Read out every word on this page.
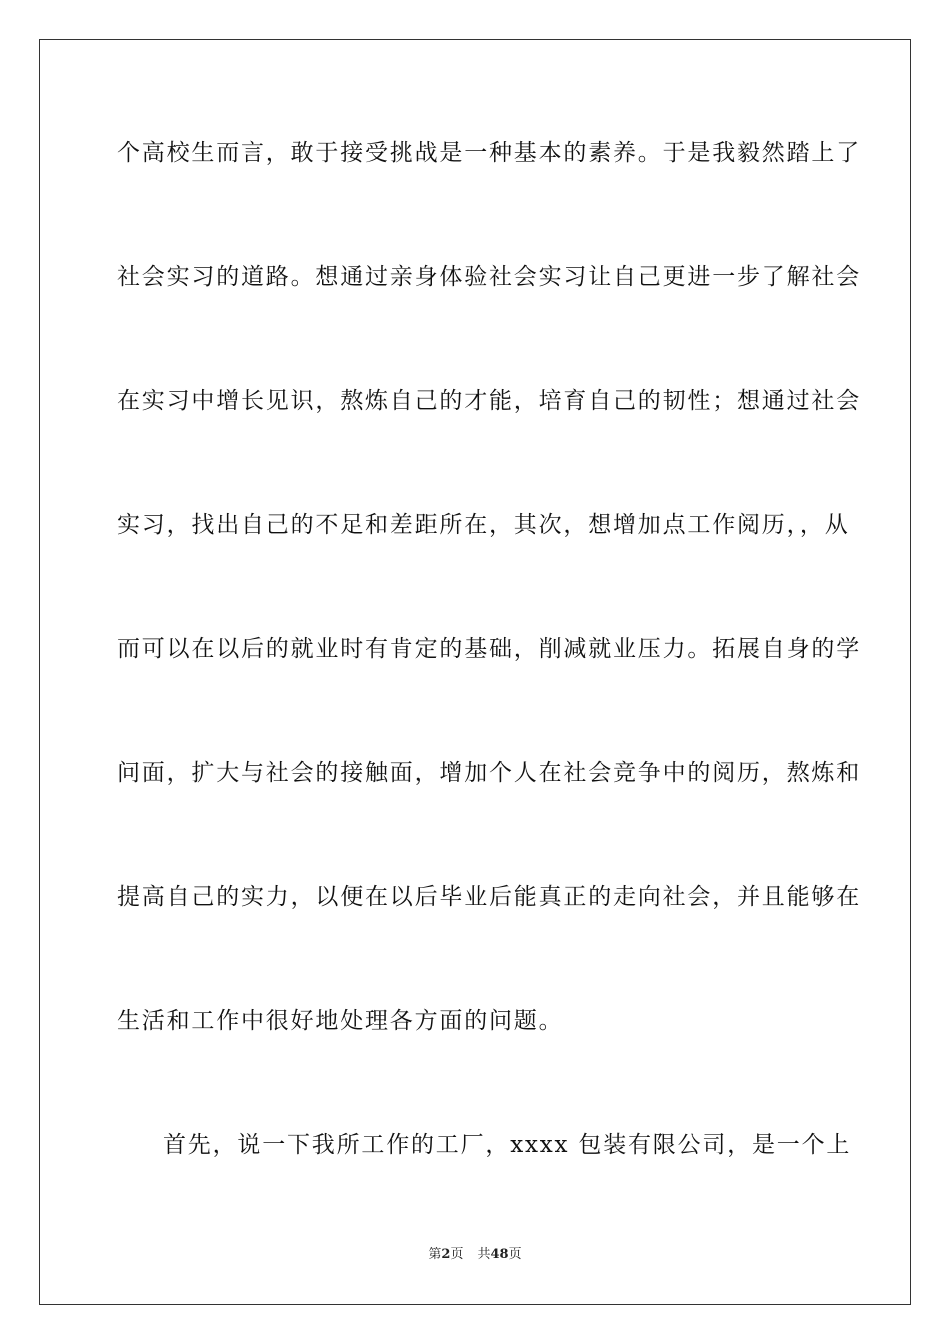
个高校生而言，敢于接受挑战是一种基本的素养。于是我毅然踏上了
社会实习的道路。想通过亲身体验社会实习让自己更进一步了解社会
在实习中增长见识，熬炼自己的才能，培育自己的韧性；想通过社会
实习，找出自己的不足和差距所在，其次，想增加点工作阅历，，从
而可以在以后的就业时有肯定的基础，削减就业压力。拓展自身的学
问面，扩大与社会的接触面，增加个人在社会竞争中的阅历，熬炼和
提高自己的实力，以便在以后毕业后能真正的走向社会，并且能够在
生活和工作中很好地处理各方面的问题。
首先，说一下我所工作的工厂，xxxx 包装有限公司，是一个上
第2页 共48页
